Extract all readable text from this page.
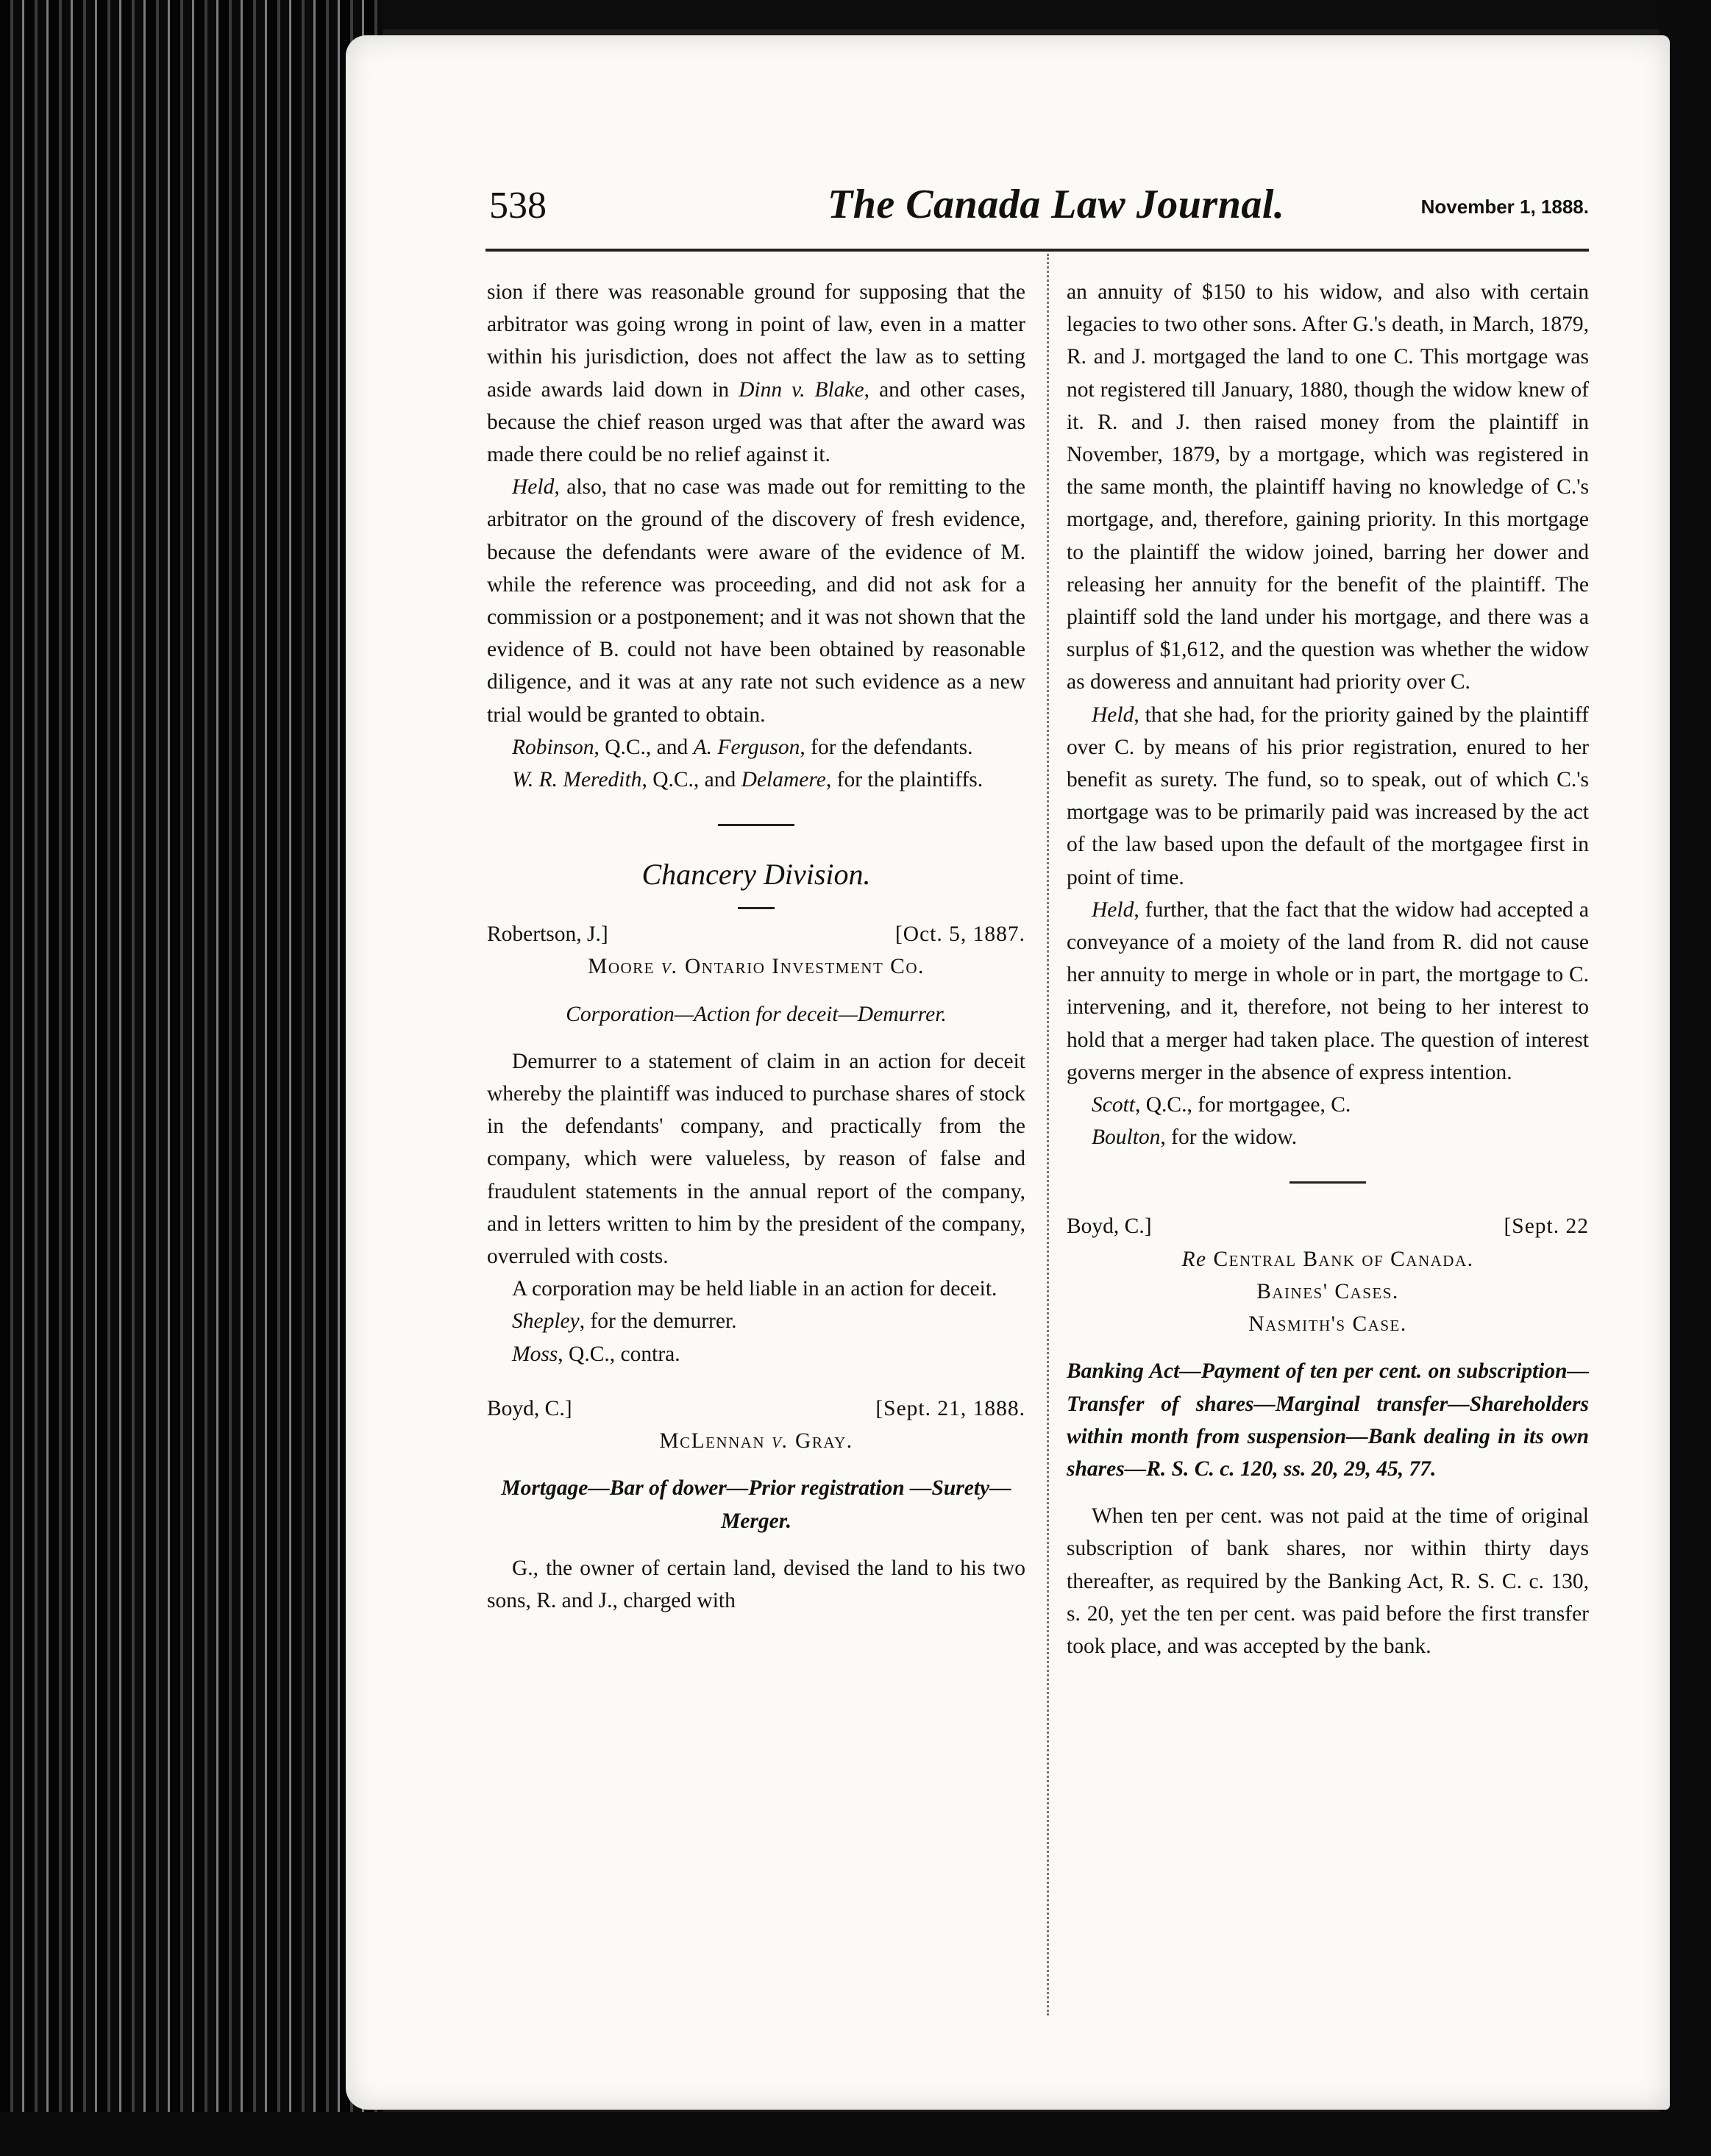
538	The Canada Law Journal.	November 1, 1888.

sion if there was reasonable ground for supposing that the arbitrator was going wrong in point of law, even in a matter within his jurisdiction, does not affect the law as to setting aside awards laid down in Dinn v. Blake, and other cases, because the chief reason urged was that after the award was made there could be no relief against it.

Held, also, that no case was made out for remitting to the arbitrator on the ground of the discovery of fresh evidence, because the defendants were aware of the evidence of M. while the reference was proceeding, and did not ask for a commission or a postponement; and it was not shown that the evidence of B. could not have been obtained by reasonable diligence, and it was at any rate not such evidence as a new trial would be granted to obtain.

Robinson, Q.C., and A. Ferguson, for the defendants.

W. R. Meredith, Q.C., and Delamere, for the plaintiffs.

Chancery Division.
Robertson, J.]	[Oct. 5, 1887.

Moore v. Ontario Investment Co.

Corporation—Action for deceit—Demurrer.

Demurrer to a statement of claim in an action for deceit whereby the plaintiff was induced to purchase shares of stock in the defendants' company, and practically from the company, which were valueless, by reason of false and fraudulent statements in the annual report of the company, and in letters written to him by the president of the company, overruled with costs.

A corporation may be held liable in an action for deceit.

Shepley, for the demurrer.

Moss, Q.C., contra.

Boyd, C.]	[Sept. 21, 1888.

McLennan v. Gray.

Mortgage—Bar of dower—Prior registration —Surety—Merger.

G., the owner of certain land, devised the land to his two sons, R. and J., charged with

an annuity of $150 to his widow, and also with certain legacies to two other sons. After G.'s death, in March, 1879, R. and J. mortgaged the land to one C. This mortgage was not registered till January, 1880, though the widow knew of it. R. and J. then raised money from the plaintiff in November, 1879, by a mortgage, which was registered in the same month, the plaintiff having no knowledge of C.'s mortgage, and, therefore, gaining priority. In this mortgage to the plaintiff the widow joined, barring her dower and releasing her annuity for the benefit of the plaintiff. The plaintiff sold the land under his mortgage, and there was a surplus of $1,612, and the question was whether the widow as doweress and annuitant had priority over C.

Held, that she had, for the priority gained by the plaintiff over C. by means of his prior registration, enured to her benefit as surety. The fund, so to speak, out of which C.'s mortgage was to be primarily paid was increased by the act of the law based upon the default of the mortgagee first in point of time.

Held, further, that the fact that the widow had accepted a conveyance of a moiety of the land from R. did not cause her annuity to merge in whole or in part, the mortgage to C. intervening, and it, therefore, not being to her interest to hold that a merger had taken place. The question of interest governs merger in the absence of express intention.

Scott, Q.C., for mortgagee, C.

Boulton, for the widow.

Boyd, C.]	[Sept. 22

Re Central Bank of Canada.

Baines' Cases.

Nasmith's Case.

Banking Act—Payment of ten per cent. on subscription—Transfer of shares—Marginal transfer—Shareholders within month from suspension—Bank dealing in its own shares—R. S. C. c. 120, ss. 20, 29, 45, 77.

When ten per cent. was not paid at the time of original subscription of bank shares, nor within thirty days thereafter, as required by the Banking Act, R. S. C. c. 130, s. 20, yet the ten per cent. was paid before the first transfer took place, and was accepted by the bank.
